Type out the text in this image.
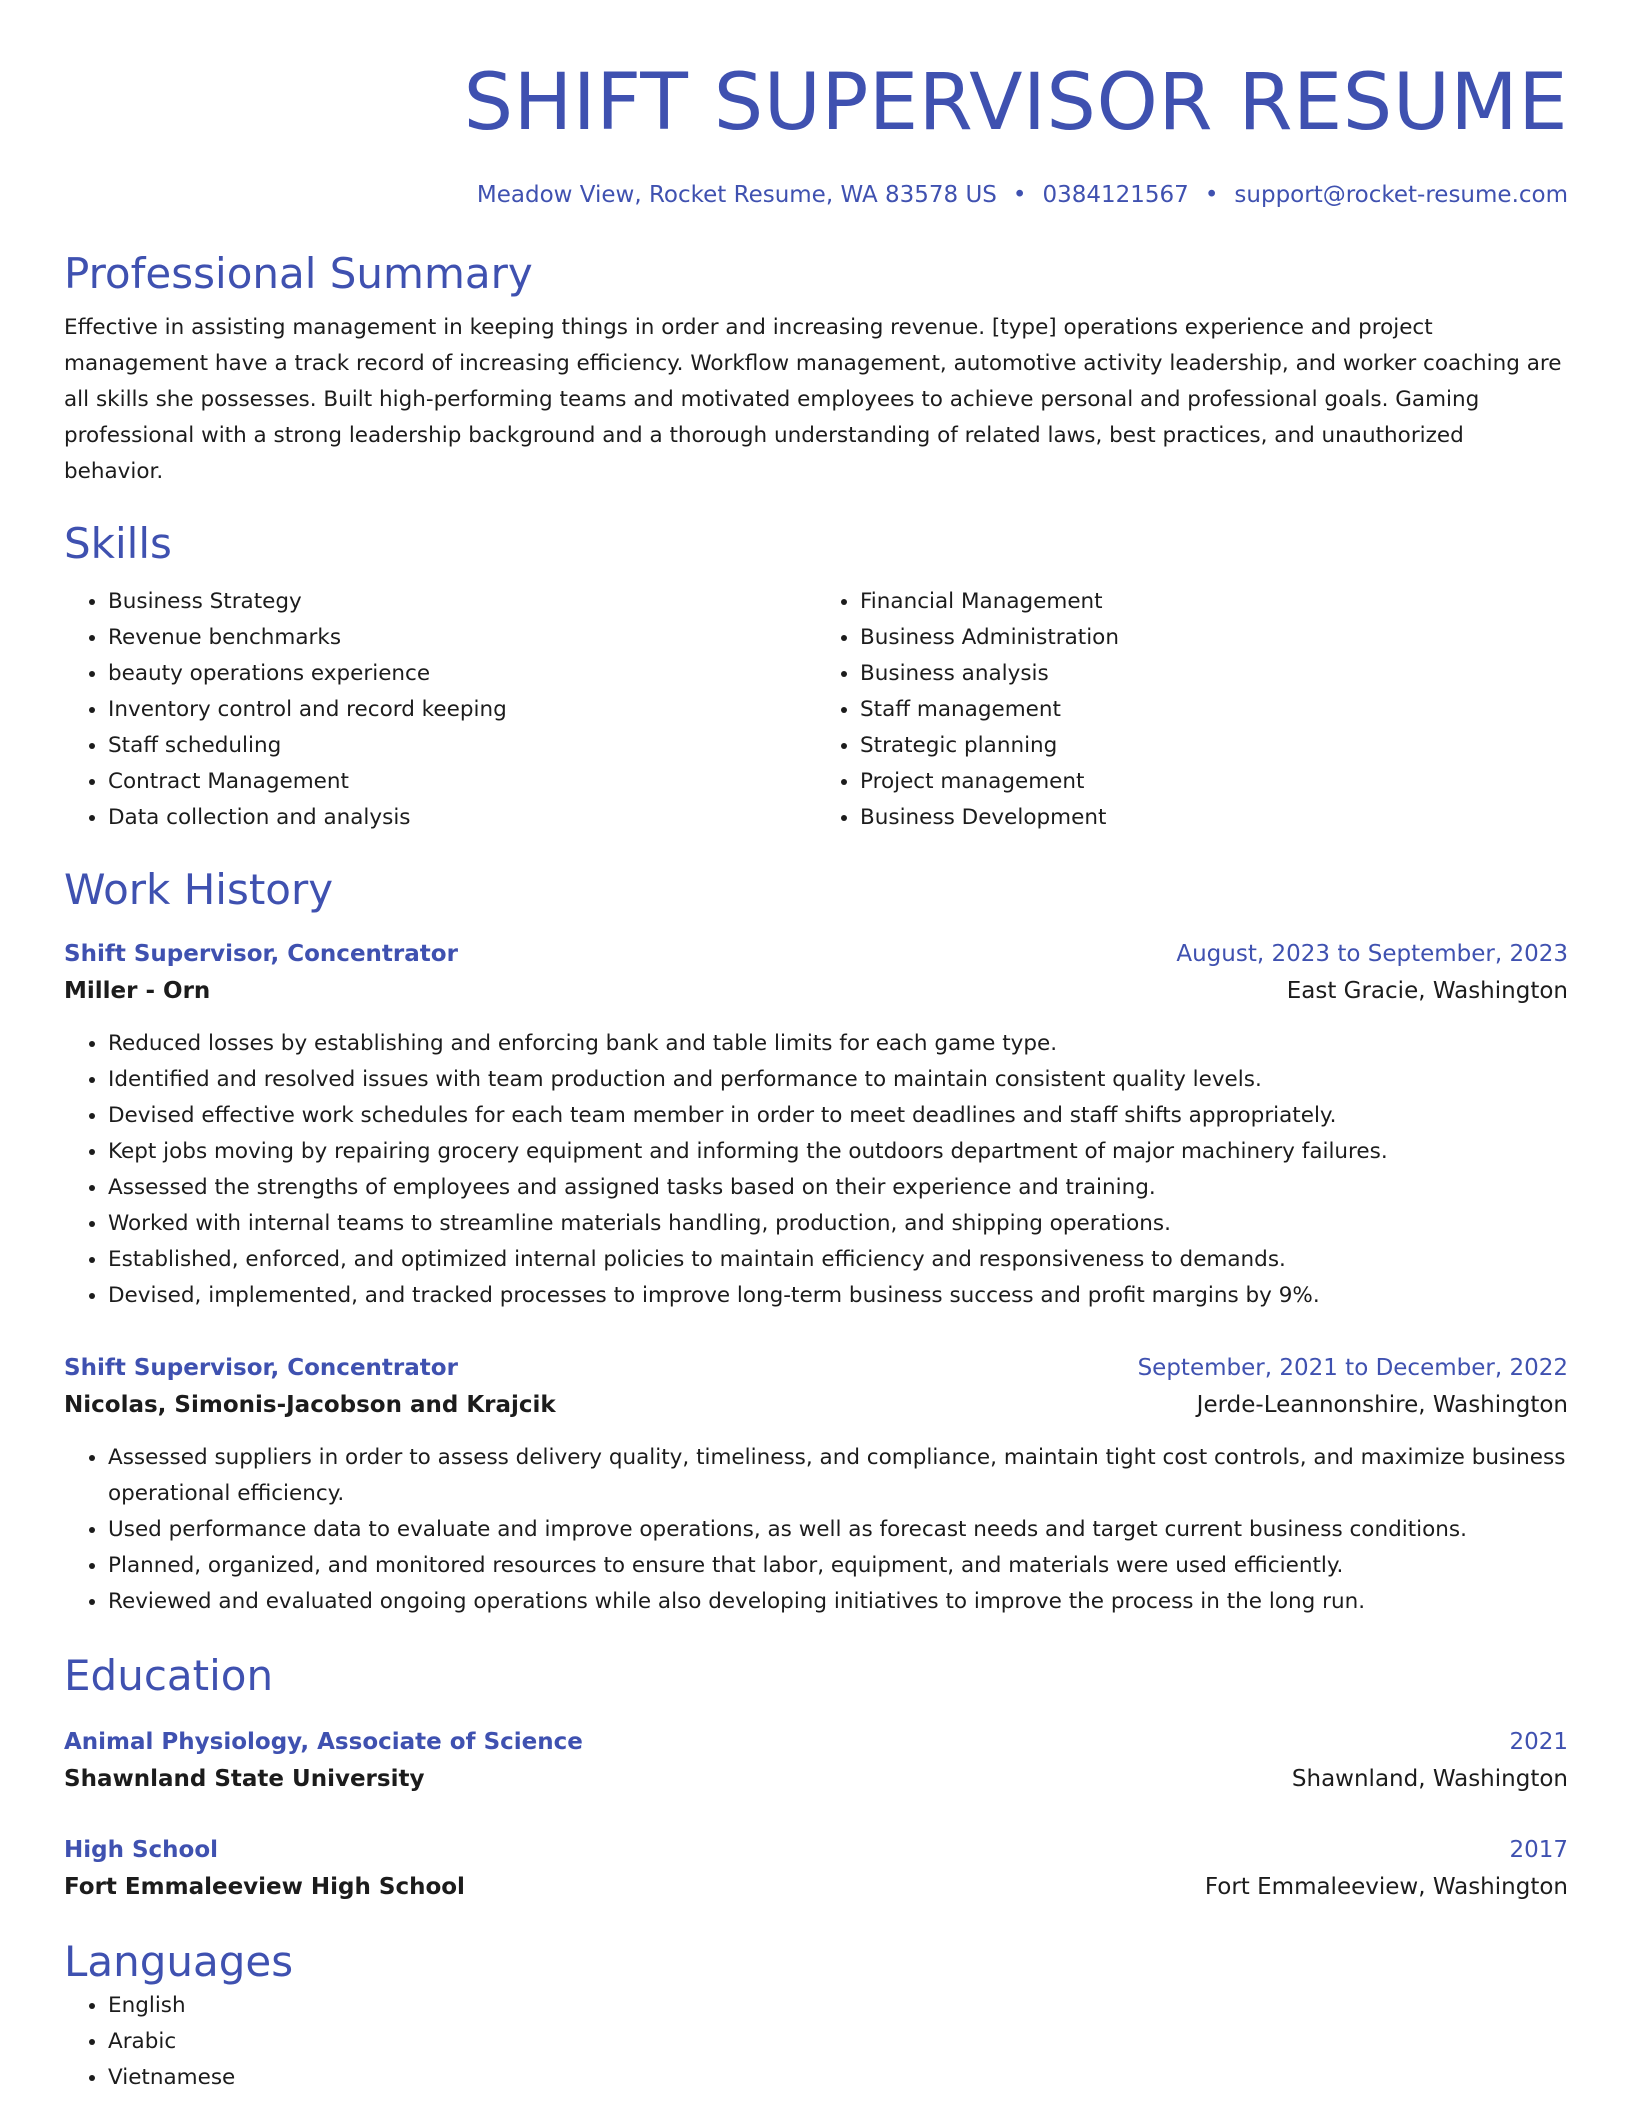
SHIFT SUPERVISOR RESUME
Meadow View, Rocket Resume, WA 83578 US • 0384121567 • support@rocket-resume.com
Professional Summary

Effective in assisting management in keeping things in order and increasing revenue. [type] operations experience and project management have a track record of increasing efficiency. Workflow management, automotive activity leadership, and worker coaching are all skills she possesses. Built high-performing teams and motivated employees to achieve personal and professional goals. Gaming professional with a strong leadership background and a thorough understanding of related laws, best practices, and unauthorized behavior.

Skills
• Business Strategy
• Revenue benchmarks
• beauty operations experience
• Inventory control and record keeping
• Staff scheduling
• Contract Management
• Data collection and analysis
• Financial Management
• Business Administration
• Business analysis
• Staff management
• Strategic planning
• Project management
• Business Development
Work History
Shift Supervisor, Concentrator	August, 2023 to September, 2023
Miller - Orn	East Gracie, Washington
• Reduced losses by establishing and enforcing bank and table limits for each game type.
• Identified and resolved issues with team production and performance to maintain consistent quality levels.
• Devised effective work schedules for each team member in order to meet deadlines and staff shifts appropriately.
• Kept jobs moving by repairing grocery equipment and informing the outdoors department of major machinery failures.
• Assessed the strengths of employees and assigned tasks based on their experience and training.
• Worked with internal teams to streamline materials handling, production, and shipping operations.
• Established, enforced, and optimized internal policies to maintain efficiency and responsiveness to demands.
• Devised, implemented, and tracked processes to improve long-term business success and profit margins by 9%.
Shift Supervisor, Concentrator	September, 2021 to December, 2022
Nicolas, Simonis-Jacobson and Krajcik	Jerde-Leannonshire, Washington
• Assessed suppliers in order to assess delivery quality, timeliness, and compliance, maintain tight cost controls, and maximize business operational efficiency.
• Used performance data to evaluate and improve operations, as well as forecast needs and target current business conditions.
• Planned, organized, and monitored resources to ensure that labor, equipment, and materials were used efficiently.
• Reviewed and evaluated ongoing operations while also developing initiatives to improve the process in the long run.
Education
Animal Physiology, Associate of Science	2021
Shawnland State University	Shawnland, Washington
High School	2017
Fort Emmaleeview High School	Fort Emmaleeview, Washington
Languages
• English
• Arabic
• Vietnamese
